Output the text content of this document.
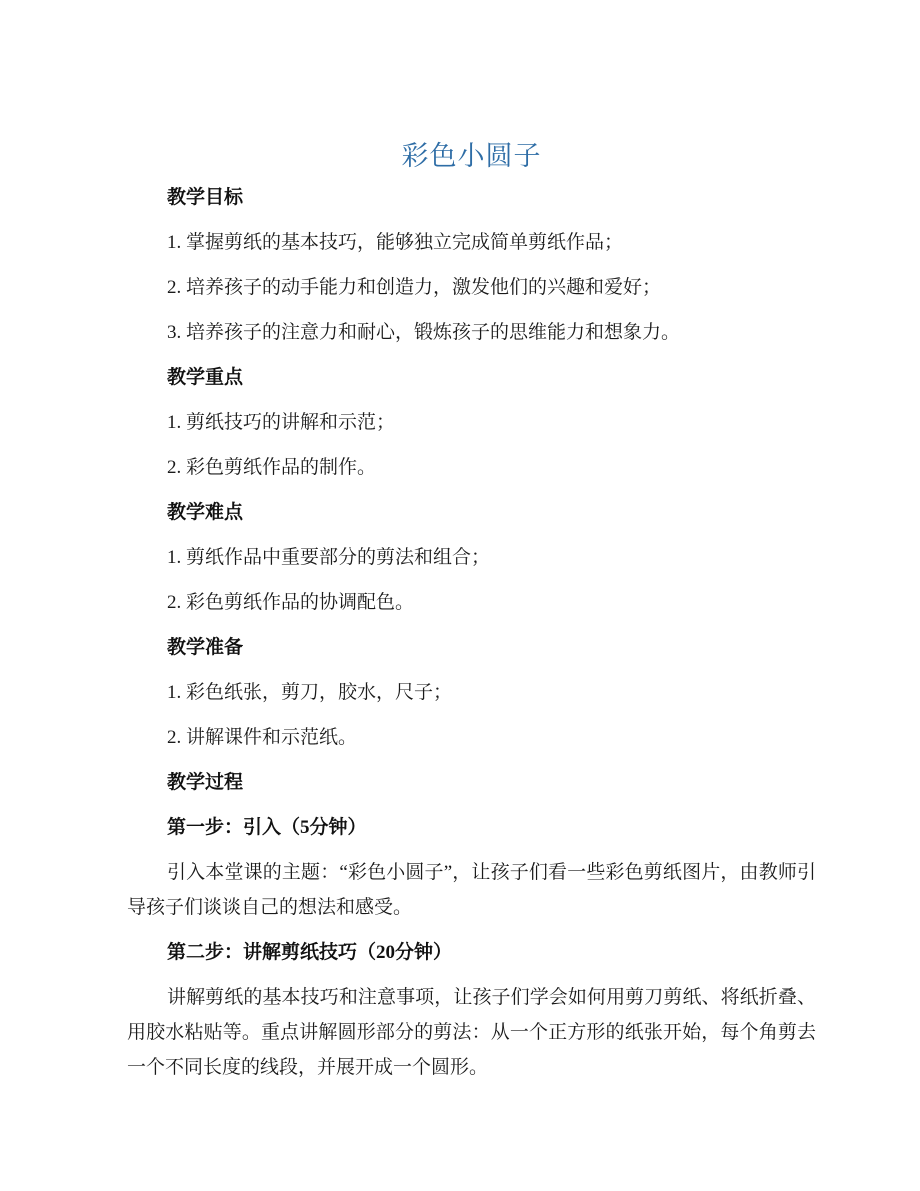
彩色小圆子

教学目标

1. 掌握剪纸的基本技巧，能够独立完成简单剪纸作品；

2. 培养孩子的动手能力和创造力，激发他们的兴趣和爱好；

3. 培养孩子的注意力和耐心，锻炼孩子的思维能力和想象力。

教学重点

1. 剪纸技巧的讲解和示范；

2. 彩色剪纸作品的制作。

教学难点

1. 剪纸作品中重要部分的剪法和组合；

2. 彩色剪纸作品的协调配色。

教学准备

1. 彩色纸张，剪刀，胶水，尺子；

2. 讲解课件和示范纸。

教学过程

第一步：引入（5分钟）

引入本堂课的主题：“彩色小圆子”，让孩子们看一些彩色剪纸图片，由教师引导孩子们谈谈自己的想法和感受。

第二步：讲解剪纸技巧（20分钟）

讲解剪纸的基本技巧和注意事项，让孩子们学会如何用剪刀剪纸、将纸折叠、用胶水粘贴等。重点讲解圆形部分的剪法：从一个正方形的纸张开始，每个角剪去一个不同长度的线段，并展开成一个圆形。
